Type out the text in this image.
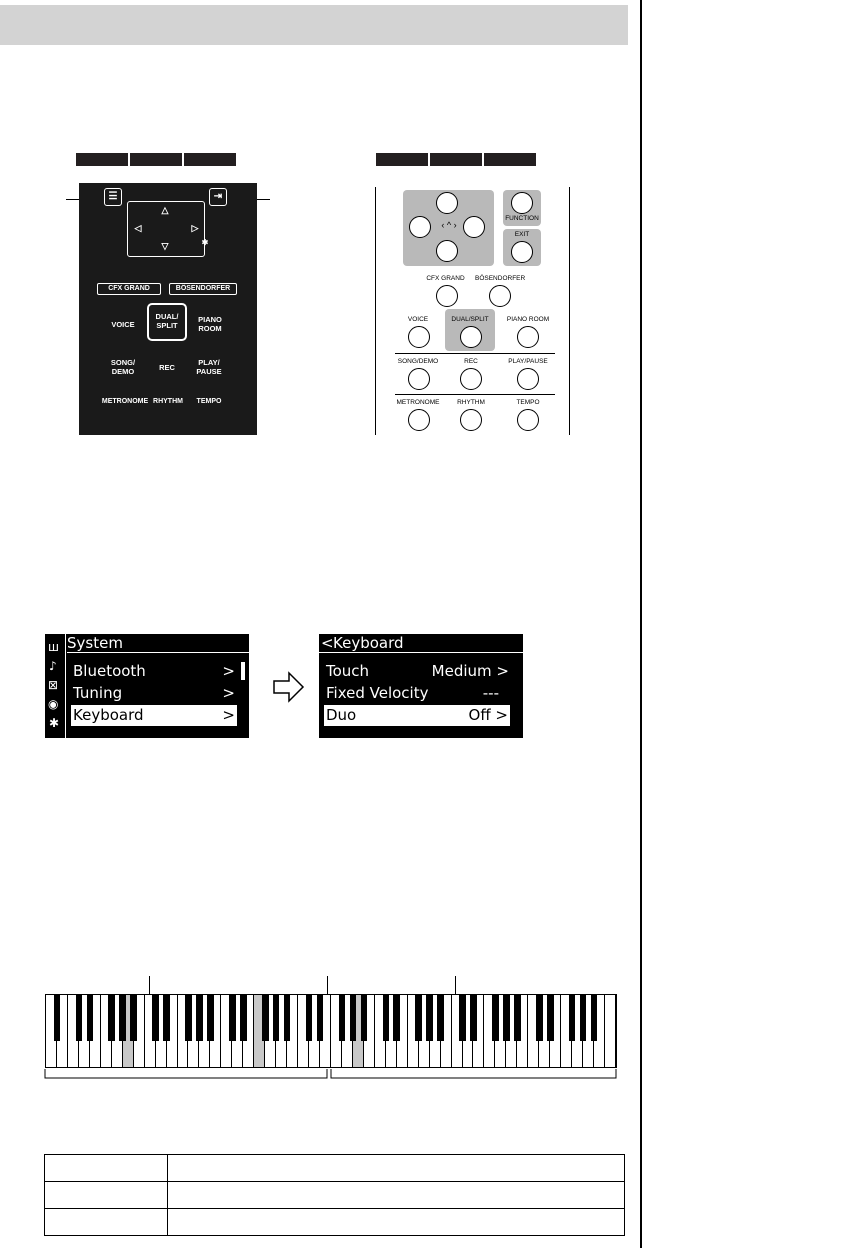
☰	⇥
△
▽
◁	▷
✱
CFX GRAND	BÖSENDORFER
VOICE
DUAL/ SPLIT
PIANO ROOM
SONG/ DEMO	REC
PLAY/ PAUSE
METRONOME RHYTHM	TEMPO
‹ ^ ›
FUNCTION
EXIT
CFX GRAND	BÖSENDORFER
VOICE	DUAL/SPLIT	PIANO ROOM
SONG/DEMO	REC	PLAY/PAUSE
METRONOME	RHYTHM	TEMPO
ш
♪
⊠
◉
✱
System
Bluetooth	>
Tuning	>
Keyboard	>
< Keyboard
Touch	Medium >
Fixed Velocity	---
Duo	Off >
